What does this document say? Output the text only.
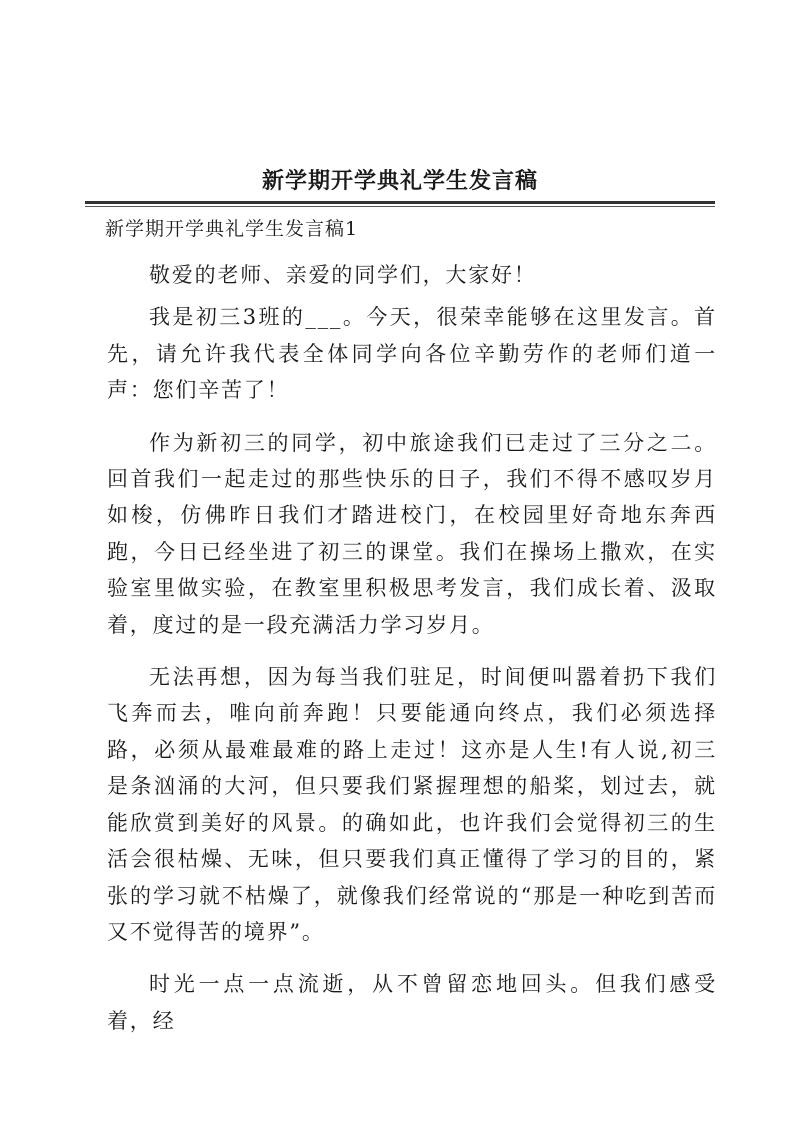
新学期开学典礼学生发言稿
新学期开学典礼学生发言稿1

敬爱的老师、亲爱的同学们，大家好！

我是初三3班的___。今天，很荣幸能够在这里发言。首先，请允许我代表全体同学向各位辛勤劳作的老师们道一声：您们辛苦了！

作为新初三的同学，初中旅途我们已走过了三分之二。回首我们一起走过的那些快乐的日子，我们不得不感叹岁月如梭，仿佛昨日我们才踏进校门，在校园里好奇地东奔西跑，今日已经坐进了初三的课堂。我们在操场上撒欢，在实验室里做实验，在教室里积极思考发言，我们成长着、汲取着，度过的是一段充满活力学习岁月。

无法再想，因为每当我们驻足，时间便叫嚣着扔下我们飞奔而去，唯向前奔跑！只要能通向终点，我们必须选择路，必须从最难最难的路上走过！这亦是人生!有人说,初三是条汹涌的大河，但只要我们紧握理想的船桨，划过去，就能欣赏到美好的风景。的确如此，也许我们会觉得初三的生活会很枯燥、无味，但只要我们真正懂得了学习的目的，紧张的学习就不枯燥了，就像我们经常说的“那是一种吃到苦而又不觉得苦的境界”。

时光一点一点流逝，从不曾留恋地回头。但我们感受着，经
